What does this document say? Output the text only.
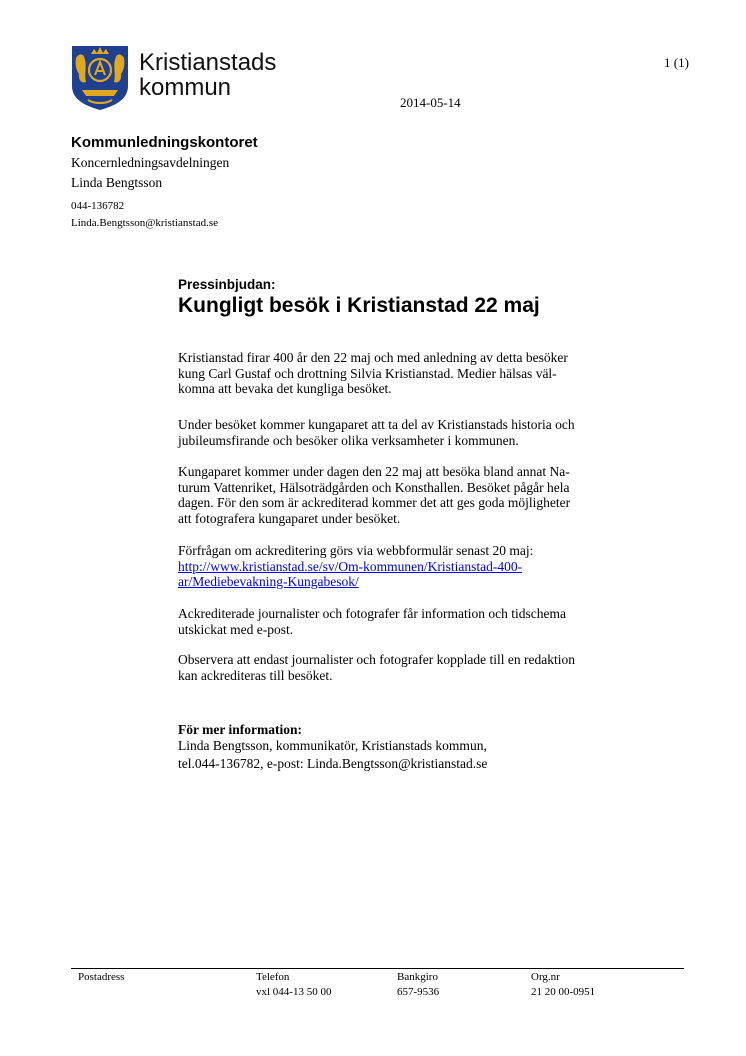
Kristianstads
kommun
1 (1)
2014-05-14
Kommunledningskontoret
Koncernledningsavdelningen
Linda Bengtsson
044-136782
Linda.Bengtsson@kristianstad.se
Pressinbjudan:
Kungligt besök i Kristianstad 22 maj
Kristianstad firar 400 år den 22 maj och med anledning av detta besöker
kung Carl Gustaf och drottning Silvia Kristianstad. Medier hälsas väl-
komna att bevaka det kungliga besöket.
Under besöket kommer kungaparet att ta del av Kristianstads historia och
jubileumsfirande och besöker olika verksamheter i kommunen.
Kungaparet kommer under dagen den 22 maj att besöka bland annat Na-
turum Vattenriket, Hälsoträdgården och Konsthallen. Besöket pågår hela
dagen. För den som är ackrediterad kommer det att ges goda möjligheter
att fotografera kungaparet under besöket.
Förfrågan om ackreditering görs via webbformulär senast 20 maj:
http://www.kristianstad.se/sv/Om-kommunen/Kristianstad-400-
ar/Mediebevakning-Kungabesok/
Ackrediterade journalister och fotografer får information och tidschema
utskickat med e-post.
Observera att endast journalister och fotografer kopplade till en redaktion
kan ackrediteras till besöket.
För mer information:
Linda Bengtsson, kommunikatör, Kristianstads kommun,
tel.044-136782, e-post: Linda.Bengtsson@kristianstad.se
Postadress	Telefon
vxl 044-13 50 00
Bankgiro
657-9536
Org.nr
21 20 00-0951
